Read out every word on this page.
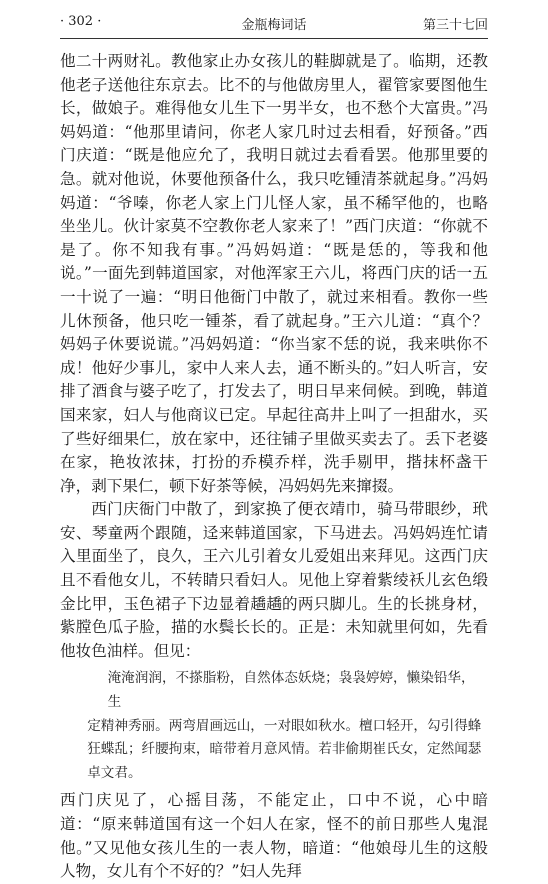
· 302 ·	金瓶梅词话	第三十七回

他二十两财礼。教他家止办女孩儿的鞋脚就是了。临期，还教他老子送他往东京去。比不的与他做房里人，翟管家要图他生长，做娘子。难得他女儿生下一男半女，也不愁个大富贵。”冯妈妈道：“他那里请问，你老人家几时过去相看，好预备。”西门庆道：“既是他应允了，我明日就过去看看罢。他那里要的急。就对他说，休要他预备什么，我只吃锺清茶就起身。”冯妈妈道：“爷嗪，你老人家上门儿怪人家，虽不稀罕他的，也略坐坐儿。伙计家莫不空教你老人家来了！”西门庆道：“你就不是了。你不知我有事。”冯妈妈道：“既是恁的，等我和他说。”一面先到韩道国家，对他浑家王六儿，将西门庆的话一五一十说了一遍：“明日他衙门中散了，就过来相看。教你一些儿休预备，他只吃一锺茶，看了就起身。”王六儿道：“真个？妈妈子休要说谎。”冯妈妈道：“你当家不恁的说，我来哄你不成！他好少事儿，家中人来人去，通不断头的。”妇人听言，安排了酒食与婆子吃了，打发去了，明日早来伺候。到晚，韩道国来家，妇人与他商议已定。早起往高井上叫了一担甜水，买了些好细果仁，放在家中，还往铺子里做买卖去了。丢下老婆在家，艳妆浓抹，打扮的乔模乔样，洗手剔甲，揩抹杯盏干净，剥下果仁，顿下好茶等候，冯妈妈先来撺掇。

西门庆衙门中散了，到家换了便衣靖巾，骑马带眼纱，玳安、琴童两个跟随，迳来韩道国家，下马进去。冯妈妈连忙请入里面坐了，良久，王六儿引着女儿爱姐出来拜见。这西门庆且不看他女儿，不转睛只看妇人。见他上穿着紫绫袄儿玄色缎金比甲，玉色裙子下边显着趫趫的两只脚儿。生的长挑身材，紫膛色瓜子脸，描的水鬓长长的。正是：未知就里何如，先看他妆色油样。但见：

淹淹润润，不搽脂粉，自然体态妖烧；袅袅婷婷，懒染铅华，生
定精神秀丽。两弯眉画远山，一对眼如秋水。檀口轻开，勾引得蜂
狂蝶乱；纤腰拘束，暗带着月意风情。若非偷期崔氏女，定然闻瑟
卓文君。

西门庆见了，心摇目荡，不能定止，口中不说，心中暗道：“原来韩道国有这一个妇人在家，怪不的前日那些人鬼混他。”又见他女孩儿生的一表人物，暗道：“他娘母儿生的这般人物，女儿有个不好的？”妇人先拜
